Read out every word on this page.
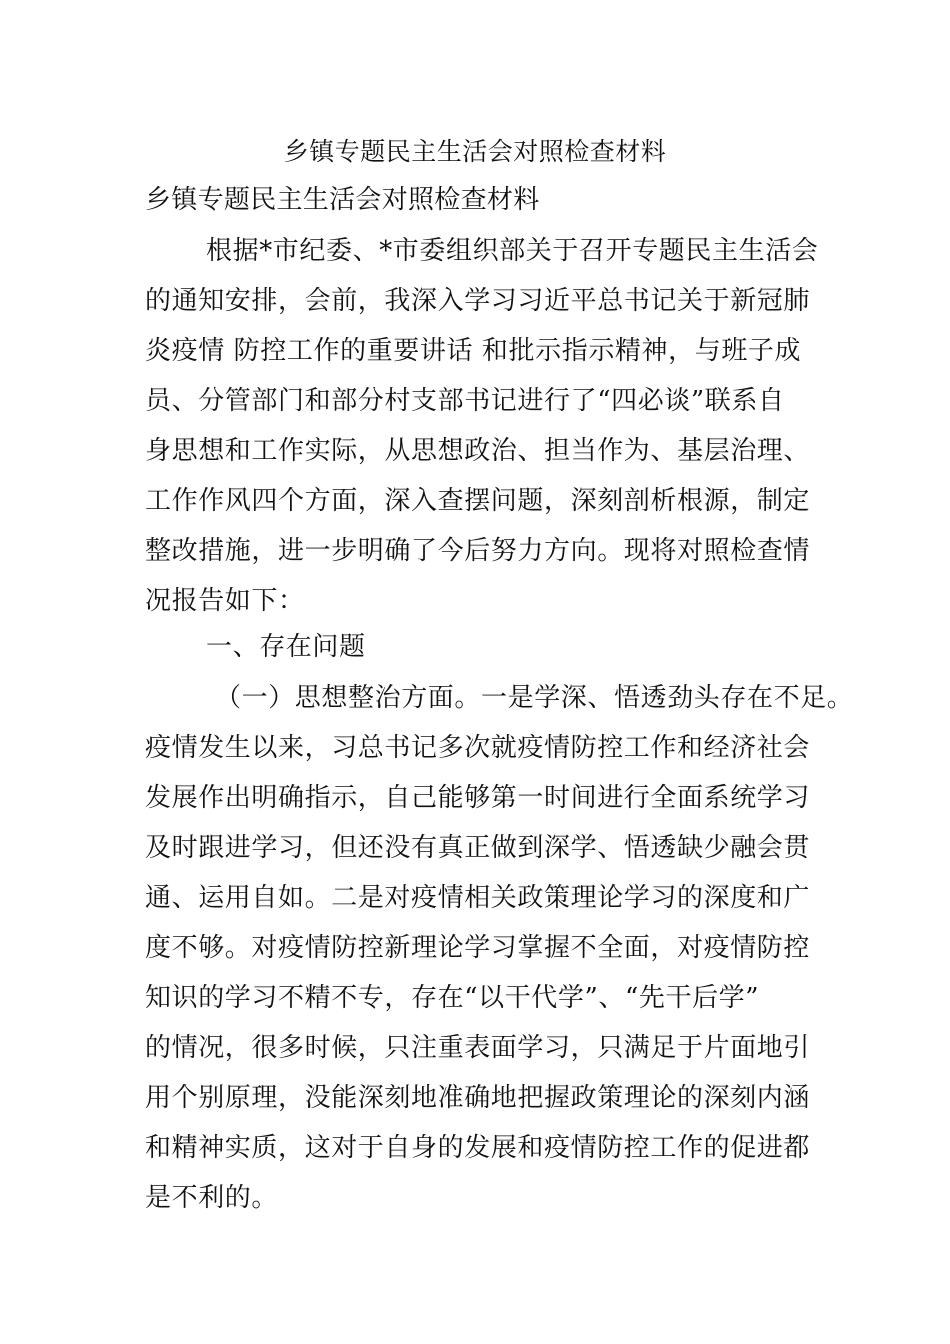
乡镇专题民主生活会对照检查材料
乡镇专题民主生活会对照检查材料
根据*市纪委、*市委组织部关于召开专题民主生活会
的通知安排，会前，我深入学习习近平总书记关于新冠肺
炎疫情 防控工作的重要讲话 和批示指示精神，与班子成
员、分管部门和部分村支部书记进行了“四必谈”联系自
身思想和工作实际，从思想政治、担当作为、基层治理、
工作作风四个方面，深入查摆问题，深刻剖析根源，制定
整改措施，进一步明确了今后努力方向。现将对照检查情
况报告如下：
一、存在问题
（一）思想整治方面。一是学深、悟透劲头存在不足。
疫情发生以来，习总书记多次就疫情防控工作和经济社会
发展作出明确指示，自己能够第一时间进行全面系统学习
及时跟进学习，但还没有真正做到深学、悟透缺少融会贯
通、运用自如。二是对疫情相关政策理论学习的深度和广
度不够。对疫情防控新理论学习掌握不全面，对疫情防控
知识的学习不精不专，存在“以干代学”、“先干后学”
的情况，很多时候，只注重表面学习，只满足于片面地引
用个别原理，没能深刻地准确地把握政策理论的深刻内涵
和精神实质，这对于自身的发展和疫情防控工作的促进都
是不利的。
